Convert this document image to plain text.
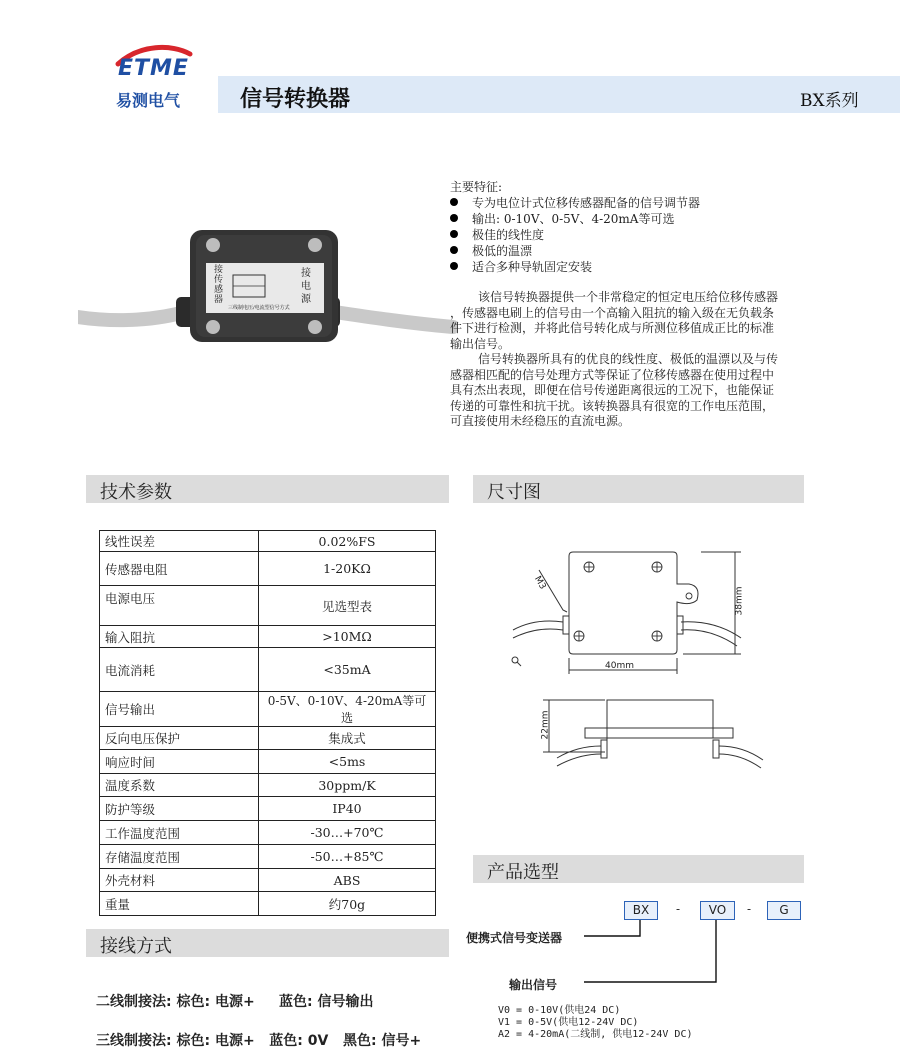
ETME
易测电气	信号转换器	BX系列
接
传
感
器
接
电
源
三线制电压/电流型信号方式
主要特征:
专为电位计式位移传感器配备的信号调节器
输出: 0-10V、0-5V、4-20mA等可选
极佳的线性度
极低的温漂
适合多种导轨固定安装
该信号转换器提供一个非常稳定的恒定电压给位移传感器
，传感器电刷上的信号由一个高输入阻抗的输入级在无负载条
件下进行检测，并将此信号转化成与所测位移值成正比的标准
输出信号。
信号转换器所具有的优良的线性度、极低的温漂以及与传
感器相匹配的信号处理方式等保证了位移传感器在使用过程中
具有杰出表现，即便在信号传递距离很远的工况下，也能保证
传递的可靠性和抗干扰。该转换器具有很宽的工作电压范围，
可直接使用未经稳压的直流电源。
技术参数	尺寸图
产品选型
接线方式
线性误差	0.02%FS
传感器电阻	1-20KΩ
电源电压	见选型表
输入阻抗	>10MΩ
电流消耗	<35mA
信号输出	0-5V、0-10V、4-20mA等可选
反向电压保护	集成式
响应时间	<5ms
温度系数	30ppm/K
防护等级	IP40
工作温度范围	-30…+70℃
存储温度范围	-50…+85℃
外壳材料	ABS
重量	约70g
M3
40mm
38mm
22mm
BX	-	VO	-	G
便携式信号变送器
输出信号
V0 = 0-10V(供电24 DC)
V1 = 0-5V(供电12-24V DC)
A2 = 4-20mA(二线制, 供电12-24V DC)
二线制接法: 棕色: 电源+     蓝色: 信号输出
三线制接法: 棕色: 电源+   蓝色: 0V   黑色: 信号+
